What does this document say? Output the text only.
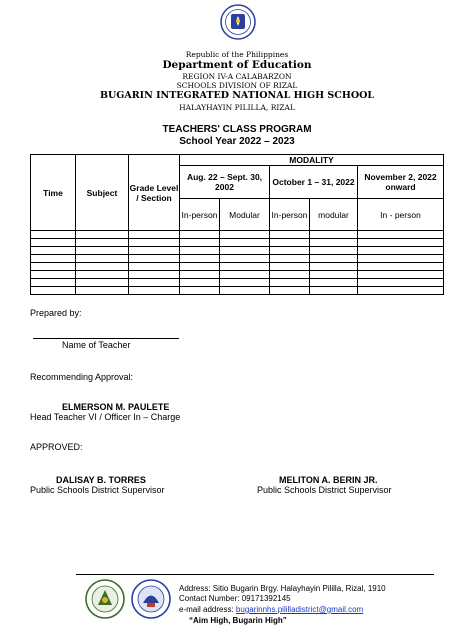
Republic of the Philippines
Department of Education
REGION IV-A CALABARZON
SCHOOLS DIVISION OF RIZAL
BUGARIN INTEGRATED NATIONAL HIGH SCHOOL
HALAYHAYIN PILILLA, RIZAL
TEACHERS' CLASS PROGRAM
School Year 2022 – 2023
Time	Subject	Grade Level / Section	MODALITY				
			Aug. 22 – Sept. 30, 2002		October 1 – 31, 2022		November 2, 2022 onward
			In-person	Modular	In-person	modular	In - person

Prepared by:
Name of Teacher
Recommending Approval:
ELMERSON M. PAULETE
Head Teacher VI / Officer In – Charge
APPROVED:
DALISAY B. TORRES
Public Schools District Supervisor
MELITON A. BERIN JR.
Public Schools District Supervisor
Address: Sitio Bugarin Brgy. Halayhayin Pililla, Rizal, 1910
Contact Number: 09171392145
e-mail address: bugarinnhs.pililladistrict@gmail.com
“Aim High, Bugarin High”
